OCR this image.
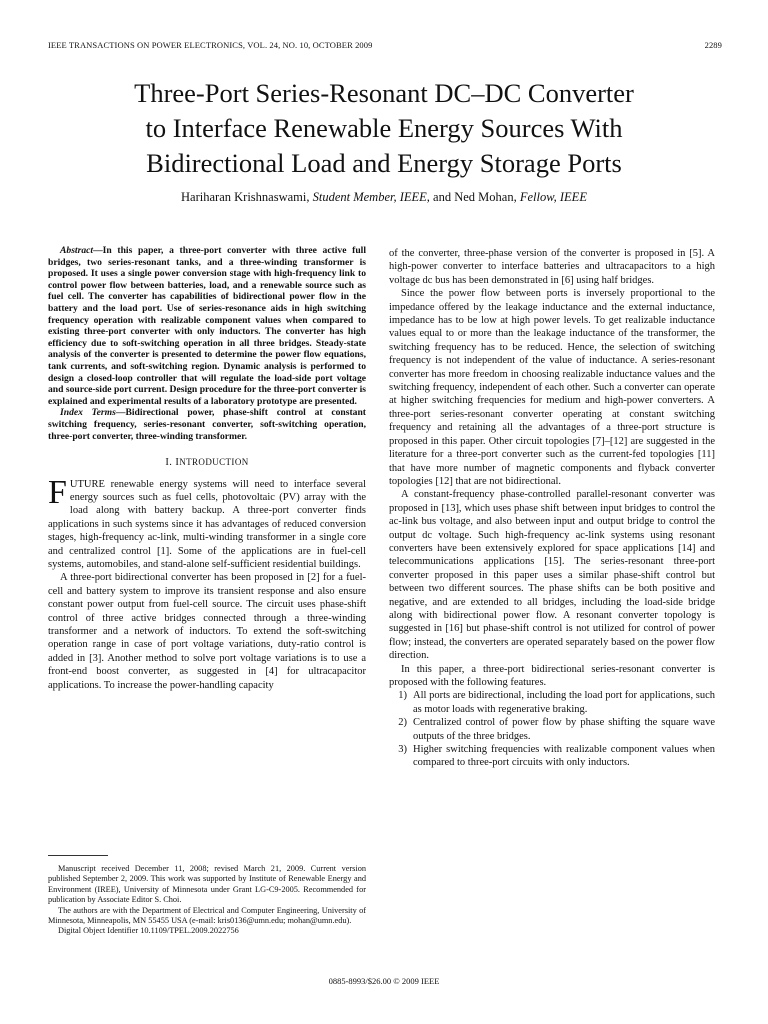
IEEE TRANSACTIONS ON POWER ELECTRONICS, VOL. 24, NO. 10, OCTOBER 2009	2289
Three-Port Series-Resonant DC–DC Converter
to Interface Renewable Energy Sources With
Bidirectional Load and Energy Storage Ports
Hariharan Krishnaswami, Student Member, IEEE, and Ned Mohan, Fellow, IEEE

Abstract—In this paper, a three-port converter with three active full bridges, two series-resonant tanks, and a three-winding transformer is proposed. It uses a single power conversion stage with high-frequency link to control power flow between batteries, load, and a renewable source such as fuel cell. The converter has capabilities of bidirectional power flow in the battery and the load port. Use of series-resonance aids in high switching frequency operation with realizable component values when compared to existing three-port converter with only inductors. The converter has high efficiency due to soft-switching operation in all three bridges. Steady-state analysis of the converter is presented to determine the power flow equations, tank currents, and soft-switching region. Dynamic analysis is performed to design a closed-loop controller that will regulate the load-side port voltage and source-side port current. Design procedure for the three-port converter is explained and experimental results of a laboratory prototype are presented.

Index Terms—Bidirectional power, phase-shift control at constant switching frequency, series-resonant converter, soft-switching operation, three-port converter, three-winding transformer.

I. INTRODUCTION

FUTURE renewable energy systems will need to interface several energy sources such as fuel cells, photovoltaic (PV) array with the load along with battery backup. A three-port converter finds applications in such systems since it has advantages of reduced conversion stages, high-frequency ac-link, multi-winding transformer in a single core and centralized control [1]. Some of the applications are in fuel-cell systems, automobiles, and stand-alone self-sufficient residential buildings.

A three-port bidirectional converter has been proposed in [2] for a fuel-cell and battery system to improve its transient response and also ensure constant power output from fuel-cell source. The circuit uses phase-shift control of three active bridges connected through a three-winding transformer and a network of inductors. To extend the soft-switching operation range in case of port voltage variations, duty-ratio control is added in [3]. Another method to solve port voltage variations is to use a front-end boost converter, as suggested in [4] for ultracapacitor applications. To increase the power-handling capacity

of the converter, three-phase version of the converter is proposed in [5]. A high-power converter to interface batteries and ultracapacitors to a high voltage dc bus has been demonstrated in [6] using half bridges.

Since the power flow between ports is inversely proportional to the impedance offered by the leakage inductance and the external inductance, impedance has to be low at high power levels. To get realizable inductance values equal to or more than the leakage inductance of the transformer, the switching frequency has to be reduced. Hence, the selection of switching frequency is not independent of the value of inductance. A series-resonant converter has more freedom in choosing realizable inductance values and the switching frequency, independent of each other. Such a converter can operate at higher switching frequencies for medium and high-power converters. A three-port series-resonant converter operating at constant switching frequency and retaining all the advantages of a three-port structure is proposed in this paper. Other circuit topologies [7]–[12] are suggested in the literature for a three-port converter such as the current-fed topologies [11] that have more number of magnetic components and flyback converter topologies [12] that are not bidirectional.

A constant-frequency phase-controlled parallel-resonant converter was proposed in [13], which uses phase shift between input bridges to control the ac-link bus voltage, and also between input and output bridge to control the output dc voltage. Such high-frequency ac-link systems using resonant converters have been extensively explored for space applications [14] and telecommunications applications [15]. The series-resonant three-port converter proposed in this paper uses a similar phase-shift control but between two different sources. The phase shifts can be both positive and negative, and are extended to all bridges, including the load-side bridge along with bidirectional power flow. A resonant converter topology is suggested in [16] but phase-shift control is not utilized for control of power flow; instead, the converters are operated separately based on the power flow direction.

In this paper, a three-port bidirectional series-resonant converter is proposed with the following features.

1) All ports are bidirectional, including the load port for applications, such as motor loads with regenerative braking.
2) Centralized control of power flow by phase shifting the square wave outputs of the three bridges.
3) Higher switching frequencies with realizable component values when compared to three-port circuits with only inductors.

Manuscript received December 11, 2008; revised March 21, 2009. Current version published September 2, 2009. This work was supported by Institute of Renewable Energy and Environment (IREE), University of Minnesota under Grant LG-C9-2005. Recommended for publication by Associate Editor S. Choi.

The authors are with the Department of Electrical and Computer Engineering, University of Minnesota, Minneapolis, MN 55455 USA (e-mail: kris0136@umn.edu; mohan@umn.edu).

Digital Object Identifier 10.1109/TPEL.2009.2022756

0885-8993/$26.00 © 2009 IEEE
